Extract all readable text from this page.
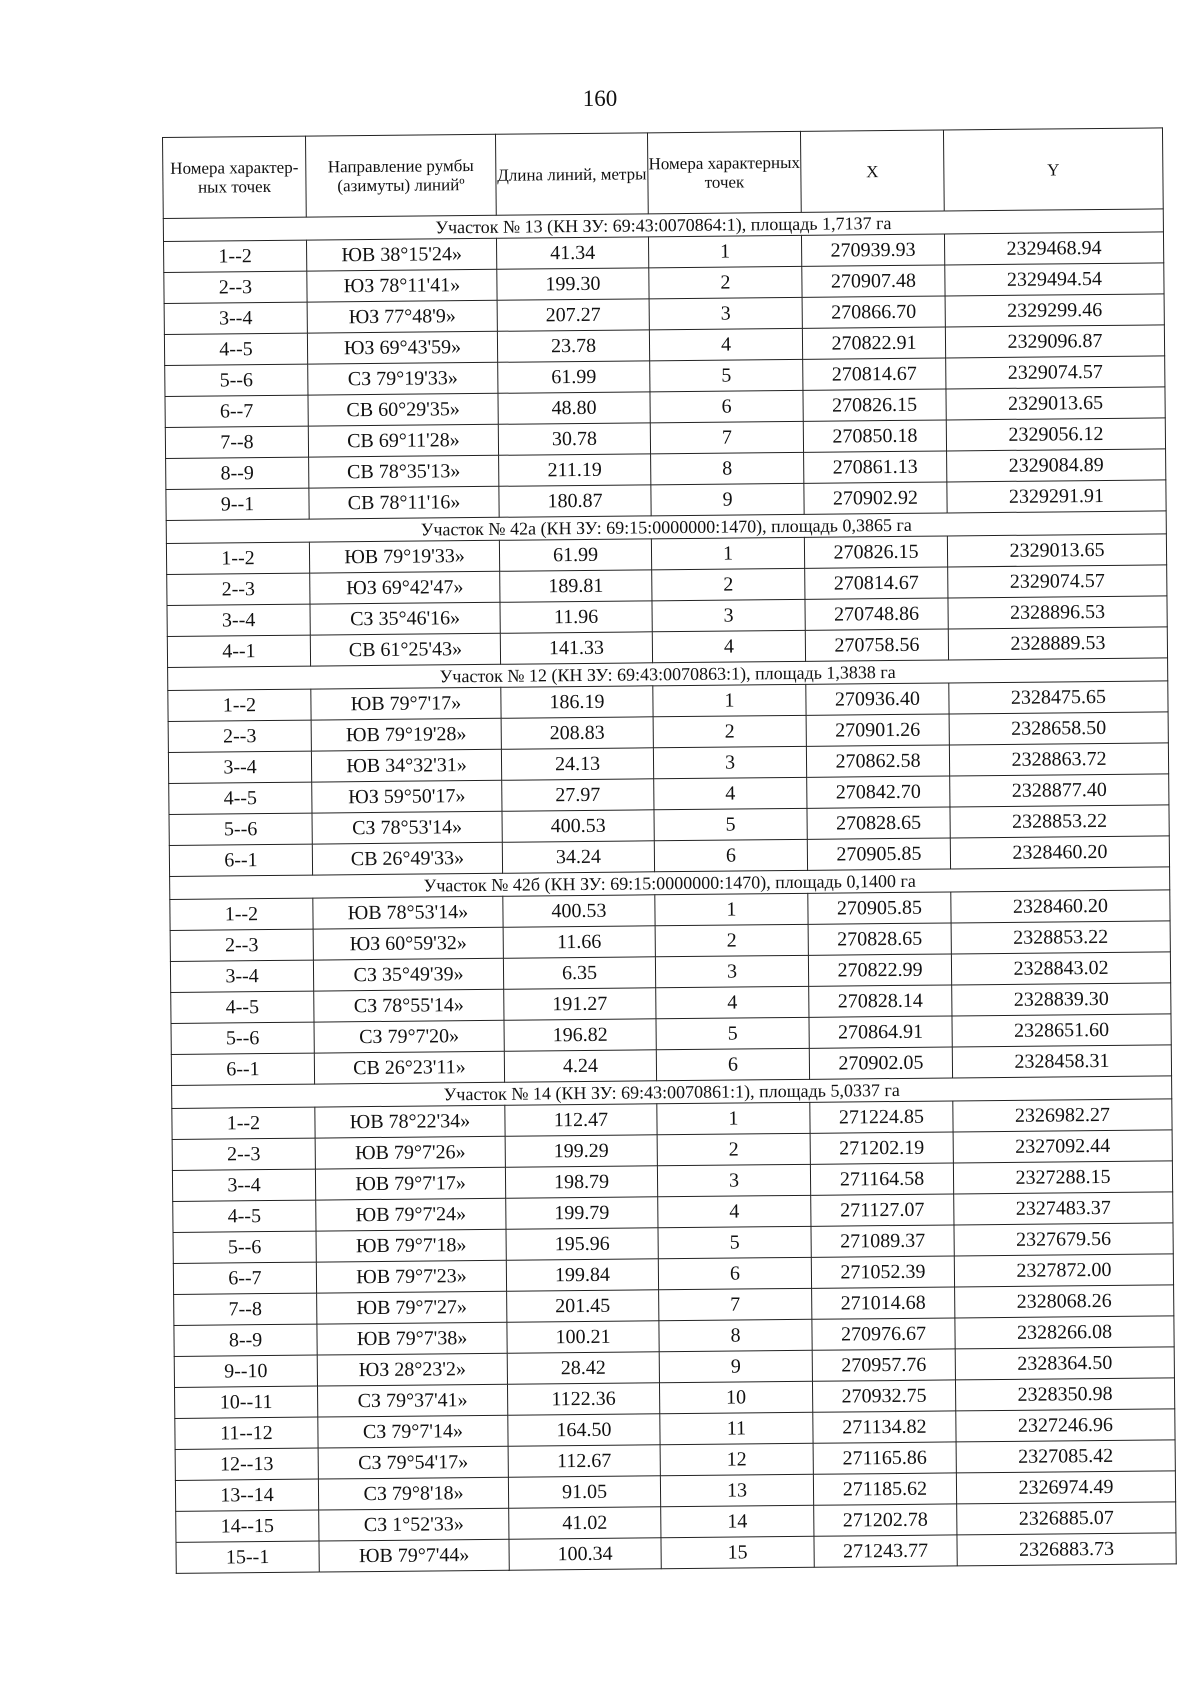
160
Номера характер-ных точек	Направление румбы (азимуты) линийº	Длина линий, метры	Номера характерных точек	X	Y
Участок № 13 (КН ЗУ: 69:43:0070864:1), площадь 1,7137 га					
1--2	ЮВ 38°15'24»	41.34	1	270939.93	2329468.94
2--3	ЮЗ 78°11'41»	199.30	2	270907.48	2329494.54
3--4	ЮЗ 77°48'9»	207.27	3	270866.70	2329299.46
4--5	ЮЗ 69°43'59»	23.78	4	270822.91	2329096.87
5--6	СЗ 79°19'33»	61.99	5	270814.67	2329074.57
6--7	СВ 60°29'35»	48.80	6	270826.15	2329013.65
7--8	СВ 69°11'28»	30.78	7	270850.18	2329056.12
8--9	СВ 78°35'13»	211.19	8	270861.13	2329084.89
9--1	СВ 78°11'16»	180.87	9	270902.92	2329291.91
Участок № 42а (КН ЗУ: 69:15:0000000:1470), площадь 0,3865 га					
1--2	ЮВ 79°19'33»	61.99	1	270826.15	2329013.65
2--3	ЮЗ 69°42'47»	189.81	2	270814.67	2329074.57
3--4	СЗ 35°46'16»	11.96	3	270748.86	2328896.53
4--1	СВ 61°25'43»	141.33	4	270758.56	2328889.53
Участок № 12 (КН ЗУ: 69:43:0070863:1), площадь 1,3838 га					
1--2	ЮВ 79°7'17»	186.19	1	270936.40	2328475.65
2--3	ЮВ 79°19'28»	208.83	2	270901.26	2328658.50
3--4	ЮВ 34°32'31»	24.13	3	270862.58	2328863.72
4--5	ЮЗ 59°50'17»	27.97	4	270842.70	2328877.40
5--6	СЗ 78°53'14»	400.53	5	270828.65	2328853.22
6--1	СВ 26°49'33»	34.24	6	270905.85	2328460.20
Участок № 42б (КН ЗУ: 69:15:0000000:1470), площадь 0,1400 га					
1--2	ЮВ 78°53'14»	400.53	1	270905.85	2328460.20
2--3	ЮЗ 60°59'32»	11.66	2	270828.65	2328853.22
3--4	СЗ 35°49'39»	6.35	3	270822.99	2328843.02
4--5	СЗ 78°55'14»	191.27	4	270828.14	2328839.30
5--6	СЗ 79°7'20»	196.82	5	270864.91	2328651.60
6--1	СВ 26°23'11»	4.24	6	270902.05	2328458.31
Участок № 14 (КН ЗУ: 69:43:0070861:1), площадь 5,0337 га					
1--2	ЮВ 78°22'34»	112.47	1	271224.85	2326982.27
2--3	ЮВ 79°7'26»	199.29	2	271202.19	2327092.44
3--4	ЮВ 79°7'17»	198.79	3	271164.58	2327288.15
4--5	ЮВ 79°7'24»	199.79	4	271127.07	2327483.37
5--6	ЮВ 79°7'18»	195.96	5	271089.37	2327679.56
6--7	ЮВ 79°7'23»	199.84	6	271052.39	2327872.00
7--8	ЮВ 79°7'27»	201.45	7	271014.68	2328068.26
8--9	ЮВ 79°7'38»	100.21	8	270976.67	2328266.08
9--10	ЮЗ 28°23'2»	28.42	9	270957.76	2328364.50
10--11	СЗ 79°37'41»	1122.36	10	270932.75	2328350.98
11--12	СЗ 79°7'14»	164.50	11	271134.82	2327246.96
12--13	СЗ 79°54'17»	112.67	12	271165.86	2327085.42
13--14	СЗ 79°8'18»	91.05	13	271185.62	2326974.49
14--15	СЗ 1°52'33»	41.02	14	271202.78	2326885.07
15--1	ЮВ 79°7'44»	100.34	15	271243.77	2326883.73
